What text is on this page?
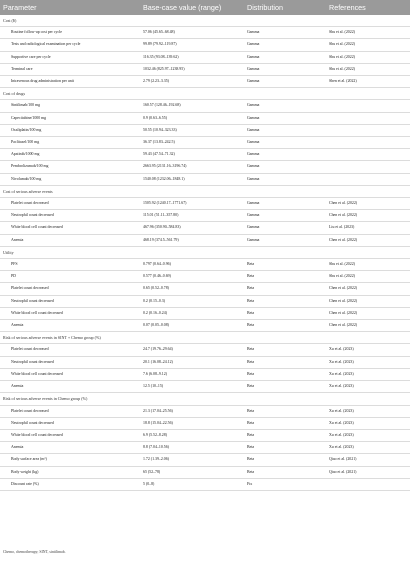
Parameter	Base-case value (range)	Distribution	References
Cost ($)			
Routine follow-up cost per cycle	57.06 (45.65–68.48)	Gamma	Shu et al. (2022)
Tests and radiological examination per cycle	99.89 (79.92–119.87)	Gamma	Shu et al. (2022)
Supportive care per cycle	116.35 (93.08–139.62)	Gamma	Shu et al. (2022)
Terminal care	1032.46 (825.97–1238.95)	Gamma	Shu et al. (2022)
Intravenous drug administration per unit	2.79 (2.23–3.35)	Gamma	Shen et al. (2022)
Cost of drugs			
Sintilimab/100 mg	160.57 (128.46–192.68)	Gamma	
Capecitabine/1000 mg	0.9 (0.63–6.55)	Gamma	
Oxaliplatin/100 mg	50.55 (10.94–323.33)	Gamma	
Paclitaxel/100 mg	36.37 (13.83–242.5)	Gamma	
Apatinib/1000 mg	59.43 (47.54–71.32)	Gamma	
Pembrolizumab/100 mg	2663.95 (2131.16–3196.74)	Gamma	
Nivolumab/100 mg	1540.08 (1232.06–1848.1)	Gamma	
Cost of serious adverse events			
Platelet count decreased	1505.92 (1240.17–1771.67)	Gamma	Chen et al. (2022)
Neutrophil count decreased	115.01 (51.11–357.80)	Gamma	Chen et al. (2022)
White blood cell count decreased	467.96 (350.90–584.83)	Gamma	Liu et al. (2023)
Anemia	468.19 (374.5–561.79)	Gamma	Chen et al. (2022)
Utility			
PFS	0.797 (0.64–0.96)	Beta	Shu et al. (2022)
PD	0.577 (0.46–0.69)	Beta	Shu et al. (2022)
Platelet count decreased	0.65 (0.52–0.78)	Beta	Chen et al. (2022)
Neutrophil count decreased	0.2 (0.15–0.3)	Beta	Chen et al. (2022)
White blood cell count decreased	0.2 (0.16–0.24)	Beta	Chen et al. (2022)
Anemia	0.07 (0.05–0.08)	Beta	Chen et al. (2022)
Risk of serious adverse events in SINT + Chemo group (%)			
Platelet count decreased	24.7 (19.76–29.64)	Beta	Xu et al. (2023)
Neutrophil count decreased	20.1 (16.08–24.12)	Beta	Xu et al. (2023)
White blood cell count decreased	7.6 (6.08–9.12)	Beta	Xu et al. (2023)
Anemia	12.5 (10–15)	Beta	Xu et al. (2023)
Risk of serious adverse events in Chemo group (%)			
Platelet count decreased	21.3 (17.04–25.56)	Beta	Xu et al. (2023)
Neutrophil count decreased	18.8 (15.04–22.56)	Beta	Xu et al. (2023)
White blood cell count decreased	6.9 (5.52–8.28)	Beta	Xu et al. (2023)
Anemia	8.8 (7.04–10.56)	Beta	Xu et al. (2023)
Body surface area (m²)	1.72 (1.39–2.06)	Beta	Qiao et al. (2021)
Body weight (kg)	65 (52–78)	Beta	Qiao et al. (2021)
Discount rate (%)	5 (0–8)	Fix	
Chemo, chemotherapy; SINT, sintilimab.
